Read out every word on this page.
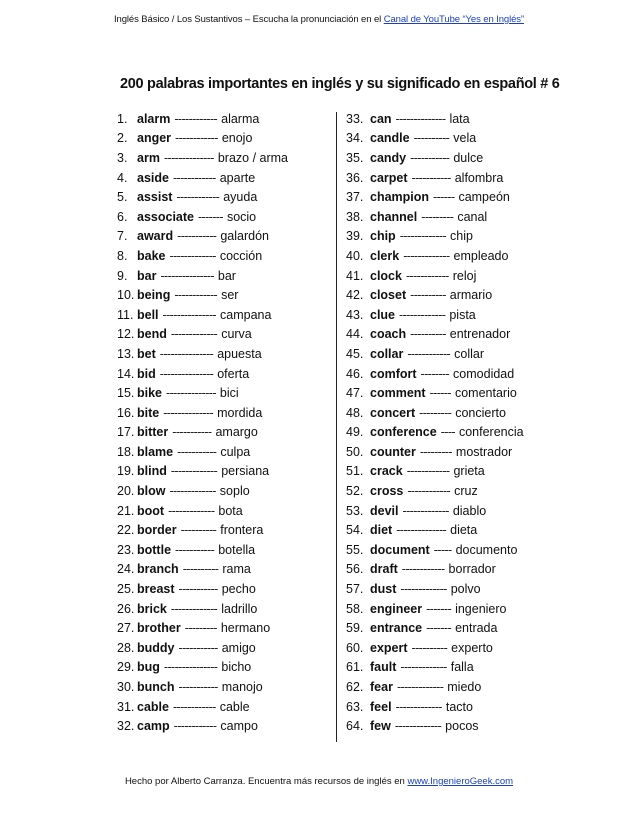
Inglés Básico / Los Sustantivos – Escucha la pronunciación en el Canal de YouTube “Yes en Inglés”
200 palabras importantes en inglés y su significado en español # 6
1. alarm ------------ alarma
2. anger ------------ enojo
3. arm -------------- brazo / arma
4. aside ------------ aparte
5. assist ------------ ayuda
6. associate ------- socio
7. award ----------- galardón
8. bake ------------- cocción
9. bar --------------- bar
10. being ------------ ser
11. bell --------------- campana
12. bend ------------- curva
13. bet --------------- apuesta
14. bid --------------- oferta
15. bike -------------- bici
16. bite -------------- mordida
17. bitter ----------- amargo
18. blame ----------- culpa
19. blind ------------- persiana
20. blow ------------- soplo
21. boot ------------- bota
22. border ---------- frontera
23. bottle ----------- botella
24. branch ---------- rama
25. breast ----------- pecho
26. brick ------------- ladrillo
27. brother --------- hermano
28. buddy ----------- amigo
29. bug --------------- bicho
30. bunch ----------- manojo
31. cable ------------ cable
32. camp ------------ campo
33. can -------------- lata
34. candle ---------- vela
35. candy ----------- dulce
36. carpet ----------- alfombra
37. champion ------ campeón
38. channel --------- canal
39. chip ------------- chip
40. clerk ------------- empleado
41. clock ------------ reloj
42. closet ---------- armario
43. clue ------------- pista
44. coach ---------- entrenador
45. collar ------------ collar
46. comfort -------- comodidad
47. comment ------ comentario
48. concert --------- concierto
49. conference ---- conferencia
50. counter --------- mostrador
51. crack ------------ grieta
52. cross ------------ cruz
53. devil ------------- diablo
54. diet -------------- dieta
55. document ----- documento
56. draft ------------ borrador
57. dust ------------- polvo
58. engineer ------- ingeniero
59. entrance ------- entrada
60. expert ---------- experto
61. fault ------------- falla
62. fear ------------- miedo
63. feel ------------- tacto
64. few ------------- pocos
Hecho por Alberto Carranza. Encuentra más recursos de inglés en www.IngenieroGeek.com
